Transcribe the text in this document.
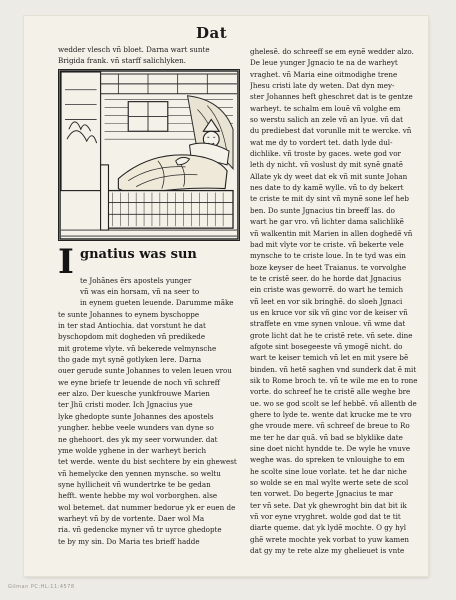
Dat
wedder vlesch vñ bloet. Darna wart sunte
Brigida frank. vñ starff salichlyken.
I gnatius was sun
te Johãnes ẽrs apostels yunger
vñ was ein horsam, vñ na seer to
in eynem gueten leuende. Darumme mãke
te sunte Johannes to eynem byschoppe
in ter stad Antiochia. dat vorstunt he dat
byschopdom mit dogheden vñ predikede
mit groteme vlyte. vñ bekerede velmynsche
tho gade myt synẽ gotlyken lere. Darna
ouer gerude sunte Johannes to velen leuen vrou
we eyne briefe tr leuende de noch vñ schreff
eer alzo. Der kuesche yunkfrouwe Marien
ter Jhũ cristi moder. Ich Jgnacius yue
lyke ghedopte sunte Johannes des apostels
yungher. hebbe veele wunders van dyne so
ne ghehoort. des yk my seer vorwunder. dat
yme wolde yghene in der warheyt berich
tet werde. wente du bist sechtere by ein ghewest
vñ hemelycke den yennen mynsche. so weltu
syne hyllicheit vñ wundertrke te be gedan
hefft. wente hebbe my wol vorborghen. alse
wol betemet. dat nummer bedorue yk er euen de
warheyt vñ by de vortente. Daer wol Ma
ria. vñ gedencke myner vñ tr uyrce ghedopte
te by my sin. Do Maria tes brieff hadde
ghelesẽ. do schreeff se em eynẽ wedder alzo.
De leue yunger Jgnacio te na de warheyt
vraghet. vñ Maria eine oitmodighe trene
Jhesu cristi late dy weten. Dat dyn mey-
ster Johannes heft gheschret dat is te gentze
warheyt. te schalm em louẽ vñ volghe em
so werstu salich an zele vñ an lyue. vñ dat
du prediebest dat vorunlle mit te wercke. vñ
wat me dy to vordert tet. dath lyde dul-
dichlike. vñ troste by gaces. wete god vor
leth dy nicht. vñ voslust dy mit synẽ gnatẽ
Allate yk dy weet dat ek vñ mit sunte Johan
nes date to dy kamẽ wylle. vñ to dy bekert
te criste te mit dy sint vñ mynẽ sone lef heb
ben. Do sunte Jgnacius tin breeff las. do
wart he gar vro. vñ lichter dama salichlikẽ
vñ walkentin mit Marien in allen doghedẽ vñ
bad mit vlyte vor te criste. vñ bekerte vele
mynsche to te criste loue. In te tyd was ein
boze keyser de heet Traianus. te vorvolghe
te te cristẽ seer. do he horde dat Jgnacius
ein criste was geworrẽ. do wart he temich
vñ leet en vor sik bringhẽ. do sloeh Jgnaci
us en kruce vor sik vñ ginc vor de keiser vñ
straffete en vme synen vnloue. vñ wme dat
grote licht dat he te cristẽ rete. vñ sete. dine
afgote sint bosegeeste vñ ymogẽ nicht. do
wart te keiser temich vñ let en mit ysere bẽ
binden. vñ hetẽ saghen vnd sunderk dat ẽ mit
sik to Rome broch te. vñ te wile me en to rone
vorte. do schreef he te cristẽ alle weghe bre
ue. wo se god scolt se lef hebbẽ. vñ allentb de
ghere to lyde te. wente dat krucke me te vro
ghe vroude mere. vñ schreef de breue to Ro
me ter he dar quã. vñ bad se blyklike date
sine doet nicht hyndde te. De wyle he vnuve
weghe was. do spreken te vnlouighe to em
he scolte sine loue vorlate. tet he dar niche
so wolde se en mal wylte werte sete de scol
ten vorwet. Do begerte Jgnacius te mar
ter vñ sete. Dat yk ghewroght bin dat bit ik
vñ vor eyne vryghret. wolde god dat te tit
diarte queme. dat yk lydẽ mochte. O gy hyl
ghẽ wrete mochte yek vorbat to yuw kamen
dat gy my te rete alze my ghelieuet is vnte
Gilman PC:HL:11:4578
